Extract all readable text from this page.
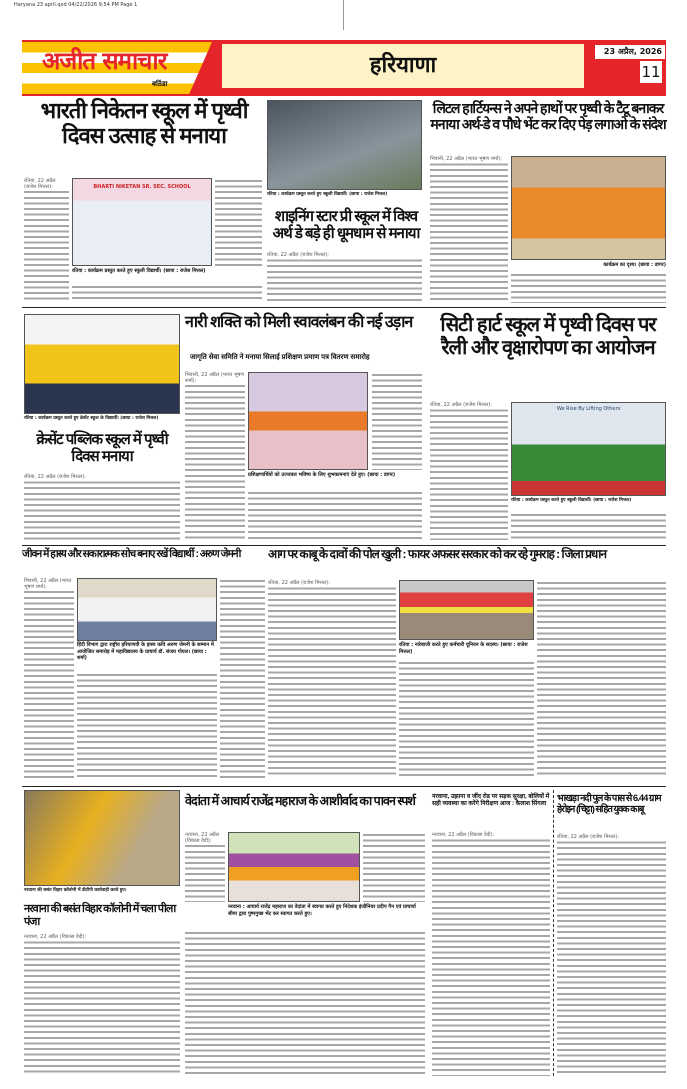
Haryana 23 april.qxd 04/22/2026 9:54 PM Page 1
अजीत समाचार
बठिंडा
हरियाणा
23 अप्रैल, 2026
11
भारती निकेतन स्कूल में पृथ्वी दिवस उत्साह से मनाया
रतिया, 22 अप्रैल (राजेश मित्तल):	BHARTI NIKETAN SR. SEC. SCHOOL
रतिया : कार्यक्रम प्रस्तुत करते हुए स्कूली विद्यार्थी। (छाया : राजेश मित्तल)
रतिया : कार्यक्रम प्रस्तुत करते हुए स्कूली विद्यार्थी। (छाया : राजेश मित्तल)
शाइनिंग स्टार प्री स्कूल में विश्व अर्थ डे बड़े ही धूमधाम से मनाया
रतिया, 22 अप्रैल (राजेश मित्तल):
लिटल हार्टियन्स ने अपने हाथों पर पृथ्वी के टैटू बनाकर मनाया अर्थ-डे व पौधे भेंट कर दिए पेड़ लगाओ के संदेश
भिवानी, 22 अप्रैल (भारत भूषण शर्मा):
कार्यक्रम का दृश्य। (छाया : डागर)
रतिया : कार्यक्रम प्रस्तुत करते हुए क्रेसेंट स्कूल के विद्यार्थी। (छाया : राजेश मित्तल)
क्रेसेंट पब्लिक स्कूल में पृथ्वी दिवस मनाया
रतिया, 22 अप्रैल (राजेश मित्तल):
नारी शक्ति को मिली स्वावलंबन की नई उड़ान
जागृति सेवा समिति ने मनाया सिलाई प्रशिक्षण प्रमाण पत्र वितरण समारोह
भिवानी, 22 अप्रैल (भारत भूषण शर्मा):
प्रशिक्षणार्थियों को उज्जवल भविष्य के लिए शुभकामनाएं देते हुए। (छाया : डागर)
सिटी हार्ट स्कूल में पृथ्वी दिवस पर रैली और वृक्षारोपण का आयोजन
रतिया, 22 अप्रैल (राजेश मित्तल):
We Rise By Lifting Others
रतिया : कार्यक्रम प्रस्तुत करते हुए स्कूली विद्यार्थी। (छाया : राजेश मित्तल)
जीवन में हास्य और सकारात्मक सोच बनाए रखें विद्यार्थी : अरुण जेमनी
भिवानी, 22 अप्रैल (भारत भूषण शर्मा):
हिंदी विभाग द्वारा राष्ट्रीय हरियाणवी के हास्य कवि अरुण जेमनी के सम्मान में आयोजित समारोह में महाविद्यालय के प्राचार्य डॉ. संजय गोयल। (छाया : शर्मा)
आग पर काबू के दावों की पोल खुली : फायर अफसर सरकार को कर रहे गुमराह : जिला प्रधान
रतिया, 22 अप्रैल (राजेश मित्तल):
रतिया : नारेबाजी करते हुए कर्मचारी यूनियन के सदस्य। (छाया : राजेश मित्तल)
नरवाना की बसंत विहार कॉलोनी में डीटीपी कार्यवाही करते हुए।
नरवाना की बसंत विहार कॉलोनी में चला पीला पंजा
नरवाना, 22 अप्रैल (विकास वेदी):
वेदांता में आचार्य राजेंद्र महाराज के आशीर्वाद का पावन स्पर्श
नरवाना, 22 अप्रैल (विकास वेदी):
नरवाना : आचार्य राजेंद्र महाराज का वेदांता में स्वागत करते हुए निदेशक इंजीनियर प्रदीप गैन एवं प्राचार्या सीमा द्वारा पुष्पगुच्छ भेंट कर स्वागत करते हुए।
नरवाना, उझाना व जींद रोड पर सड़क सुरक्षा, बोलियों में सही व्यवस्था का करेंगे निरीक्षण आज : कैलाश सिंगला
नरवाना, 22 अप्रैल (विकास वेदी):
भाखड़ा नदी पुल के पास से 6.44 ग्राम हेरोइन (चिट्टा) सहित युवक काबू
रतिया, 22 अप्रैल (राजेश मित्तल):
